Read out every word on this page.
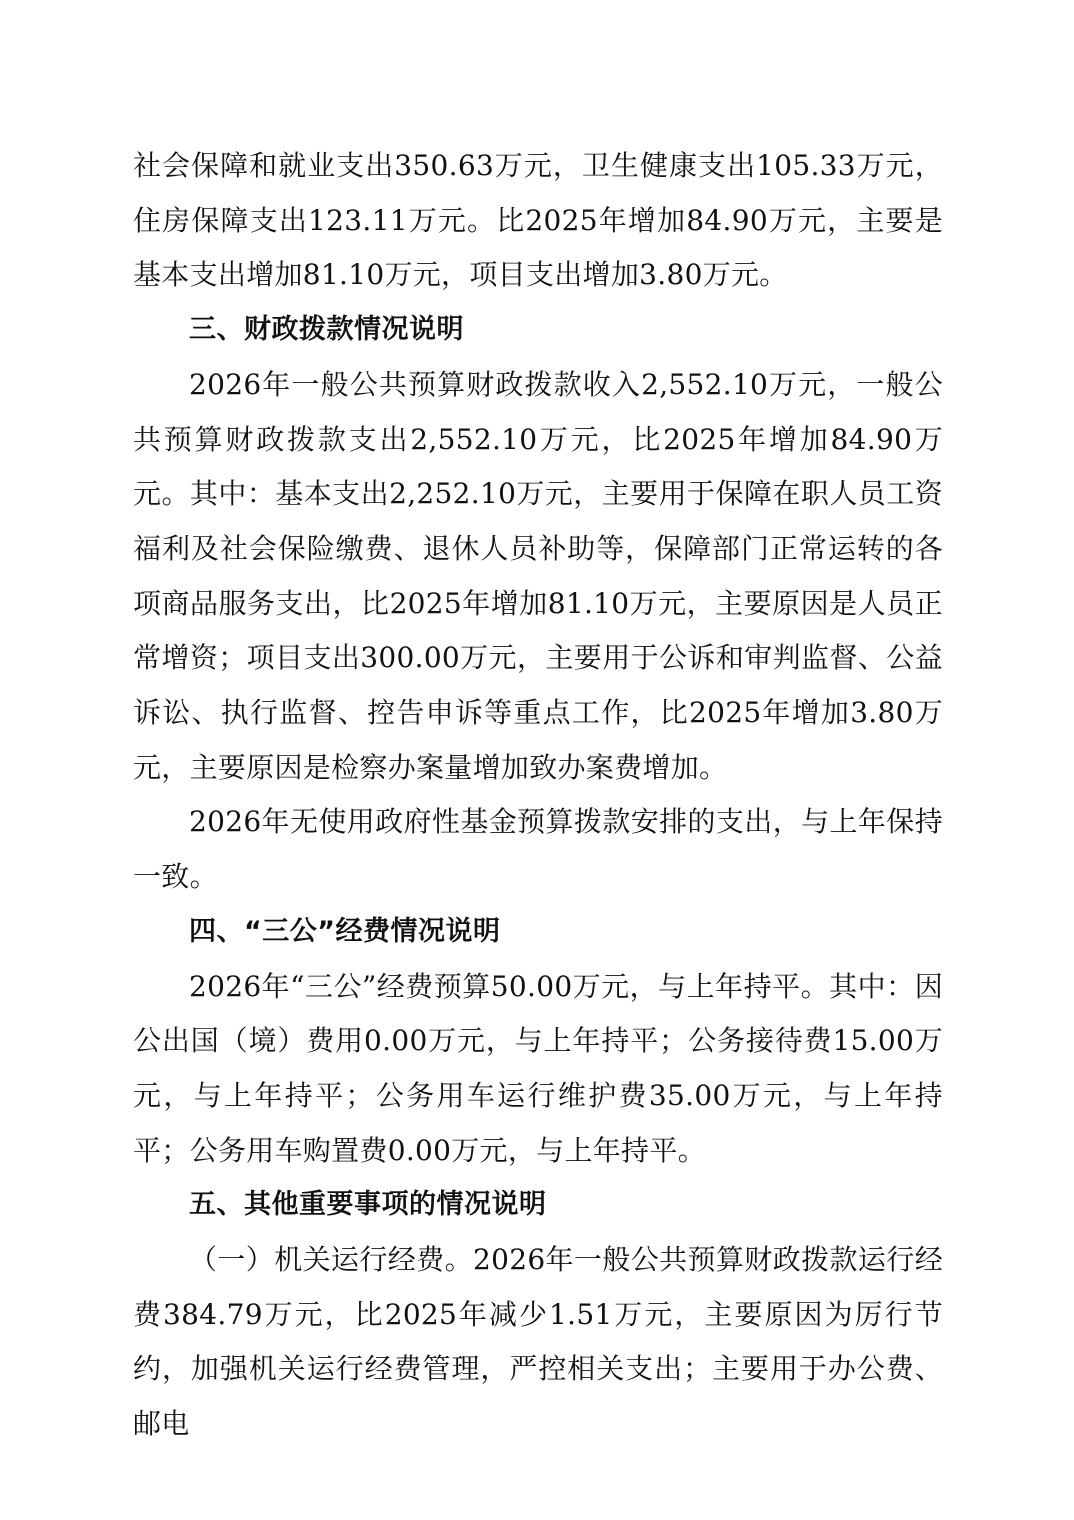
社会保障和就业支出350.63万元，卫生健康支出105.33万元，住房保障支出123.11万元。比2025年增加84.90万元，主要是基本支出增加81.10万元，项目支出增加3.80万元。

三、财政拨款情况说明

2026年一般公共预算财政拨款收入2,552.10万元，一般公共预算财政拨款支出2,552.10万元，比2025年增加84.90万元。其中：基本支出2,252.10万元，主要用于保障在职人员工资福利及社会保险缴费、退休人员补助等，保障部门正常运转的各项商品服务支出，比2025年增加81.10万元，主要原因是人员正常增资；项目支出300.00万元，主要用于公诉和审判监督、公益诉讼、执行监督、控告申诉等重点工作，比2025年增加3.80万元，主要原因是检察办案量增加致办案费增加。

2026年无使用政府性基金预算拨款安排的支出，与上年保持一致。

四、“三公”经费情况说明

2026年“三公”经费预算50.00万元，与上年持平。其中：因公出国（境）费用0.00万元，与上年持平；公务接待费15.00万元，与上年持平；公务用车运行维护费35.00万元，与上年持平；公务用车购置费0.00万元，与上年持平。

五、其他重要事项的情况说明

（一）机关运行经费。2026年一般公共预算财政拨款运行经费384.79万元，比2025年减少1.51万元，主要原因为厉行节约，加强机关运行经费管理，严控相关支出；主要用于办公费、邮电
